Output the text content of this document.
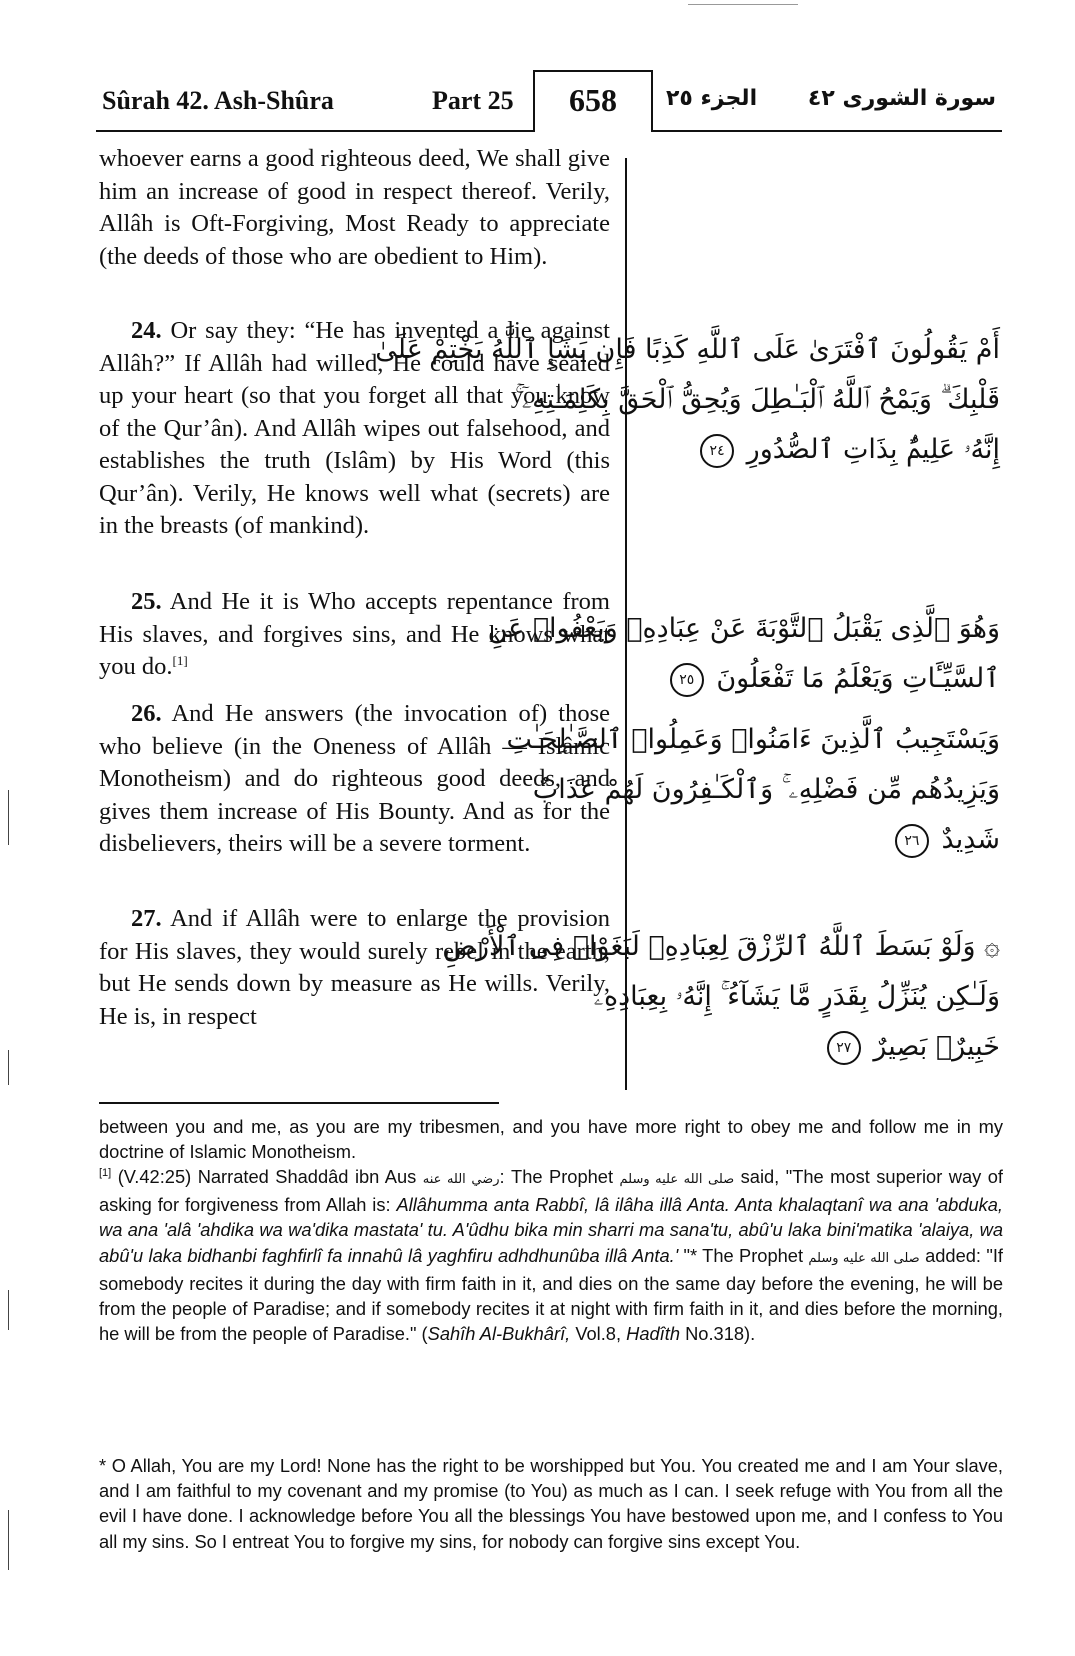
Sûrah 42. Ash-Shûra	Part 25	658	الجزء ٢٥ سورة الشورى ٤٢
whoever earns a good righteous deed, We shall give him an increase of good in respect thereof. Verily, Allâh is Oft-Forgiving, Most Ready to appreciate (the deeds of those who are obedient to Him).
24. Or say they: “He has invented a lie against Allâh?” If Allâh had willed, He could have sealed up your heart (so that you forget all that you know of the Qur’ân). And Allâh wipes out falsehood, and establishes the truth (Islâm) by His Word (this Qur’ân). Verily, He knows well what (secrets) are in the breasts (of mankind).
25. And He it is Who accepts repentance from His slaves, and forgives sins, and He knows what you do.[1]
26. And He answers (the invocation of) those who believe (in the Oneness of Allâh — Islâmic Monotheism) and do righteous good deeds, and gives them increase of His Bounty. And as for the disbelievers, theirs will be a severe torment.
27. And if Allâh were to enlarge the provision for His slaves, they would surely rebel in the earth, but He sends down by measure as He wills. Verily, He is, in respect
أَمْ يَقُولُونَ ٱفْتَرَىٰ عَلَى ٱللَّهِ كَذِبًا فَإِن يَشَإِ ٱللَّهُ يَخْتِمْ عَلَىٰ
قَلْبِكَ ۗ وَيَمْحُ ٱللَّهُ ٱلْبَـٰطِلَ وَيُحِقُّ ٱلْحَقَّ بِكَلِمَـٰتِهِۦٓ ۚ
إِنَّهُۥ عَلِيمٌۢ بِذَاتِ ٱلصُّدُورِ ٢٤
وَهُوَ ٱلَّذِى يَقْبَلُ ٱلتَّوْبَةَ عَنْ عِبَادِهِۦ وَيَعْفُوا۟ عَنِ
ٱلسَّيِّـَٔاتِ وَيَعْلَمُ مَا تَفْعَلُونَ ٢٥
وَيَسْتَجِيبُ ٱلَّذِينَ ءَامَنُوا۟ وَعَمِلُوا۟ ٱلصَّـٰلِحَـٰتِ
وَيَزِيدُهُم مِّن فَضْلِهِۦ ۚ وَٱلْكَـٰفِرُونَ لَهُمْ عَذَابٌ
شَدِيدٌ ٢٦
۞ وَلَوْ بَسَطَ ٱللَّهُ ٱلرِّزْقَ لِعِبَادِهِۦ لَبَغَوْا۟ فِى ٱلْأَرْضِ
وَلَـٰكِن يُنَزِّلُ بِقَدَرٍ مَّا يَشَآءُ ۚ إِنَّهُۥ بِعِبَادِهِۦ
خَبِيرٌۢ بَصِيرٌ ٢٧
between you and me, as you are my tribesmen, and you have more right to obey me and follow me in my doctrine of Islamic Monotheism.
[1] (V.42:25) Narrated Shaddâd ibn Aus رضي الله عنه: The Prophet صلى الله عليه وسلم said, "The most superior way of asking for forgiveness from Allah is: Allâhumma anta Rabbî, lâ ilâha illâ Anta. Anta khalaqtanî wa ana 'abduka, wa ana 'alâ 'ahdika wa wa'dika mastata' tu. A'ûdhu bika min sharri ma sana'tu, abû'u laka bini'matika 'alaiya, wa abû'u laka bidhanbi faghfirlî fa innahû lâ yaghfiru adhdhunûba illâ Anta.' "* The Prophet صلى الله عليه وسلم added: "If somebody recites it during the day with firm faith in it, and dies on the same day before the evening, he will be from the people of Paradise; and if somebody recites it at night with firm faith in it, and dies before the morning, he will be from the people of Paradise." (Sahîh Al-Bukhârî, Vol.8, Hadîth No.318).
* O Allah, You are my Lord! None has the right to be worshipped but You. You created me and I am Your slave, and I am faithful to my covenant and my promise (to You) as much as I can. I seek refuge with You from all the evil I have done. I acknowledge before You all the blessings You have bestowed upon me, and I confess to You all my sins. So I entreat You to forgive my sins, for nobody can forgive sins except You.
